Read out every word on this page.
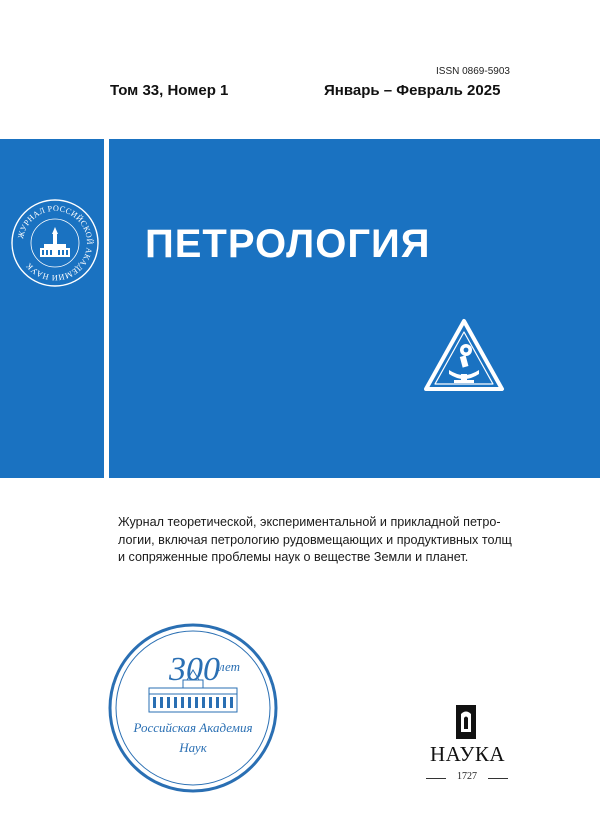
ISSN 0869-5903
Том 33, Номер 1	Январь – Февраль 2025
ЖУРНАЛ РОССИЙСКОЙ АКАДЕМИИ НАУК
ПЕТРОЛОГИЯ
Журнал теоретической, экспериментальной и прикладной петро-
логии, включая петрологию рудовмещающих и продуктивных толщ
и сопряженные проблемы наук о веществе Земли и планет.
300 лет
Российская Академия
Наук	НАУКА
1727
